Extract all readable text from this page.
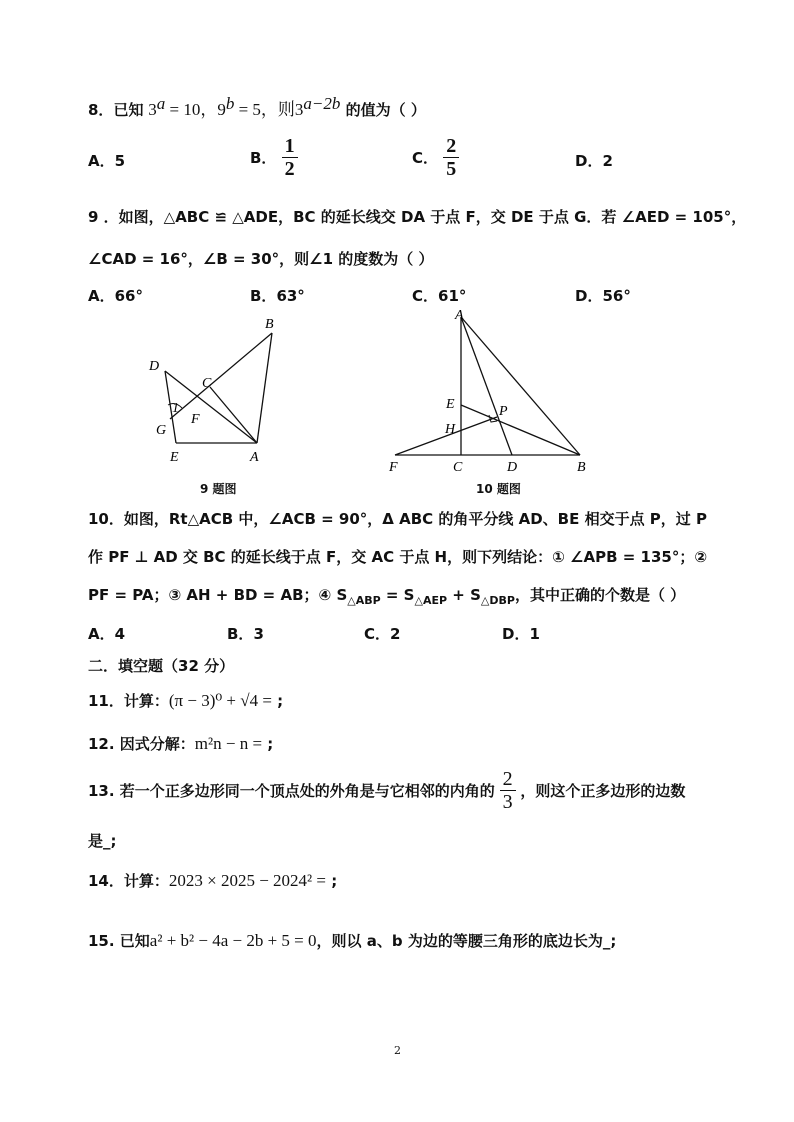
8．已知 $3^a = 10$，$9^b = 5$，则$3^{a-2b}$ 的值为（ ）
A．5	B． $\frac{1}{2}$	C． $\frac{2}{5}$	D．2
9 ．如图，△ABC ≌ △ADE，BC 的延长线交 DA 于点 F，交 DE 于点 G．若 ∠AED = 105°，
∠CAD = 16°，∠B = 30°，则∠1 的度数为（ ）
A．66°	B．63°	C．61°	D．56°
B
D
C
1
F
G
E	A
9 题图
A
E	P
H
F	C	D	B
10 题图
10．如图，Rt△ACB 中，∠ACB = 90°，Δ ABC 的角平分线 AD、BE 相交于点 P，过 P
作 PF ⊥ AD 交 BC 的延长线于点 F，交 AC 于点 H，则下列结论：① ∠APB = 135°；②
PF = PA；③ AH + BD = AB；④ $S_{\triangle ABP} = S_{\triangle AEP} + S_{\triangle DBP}$，其中正确的个数是（ ）
A．4	B．3	C．2	D．1
二．填空题（32 分）
11．计算：(π − 3)⁰ + √4 = ;
12. 因式分解：m²n − n = ;
13. 若一个正多边形同一个顶点处的外角是与它相邻的内角的 $\frac{2}{3}$ ，则这个正多边形的边数
是_;
14．计算：2023 × 2025 − 2024² = ;
15. 已知a² + b² − 4a − 2b + 5 = 0，则以 a、b 为边的等腰三角形的底边长为_;
2
